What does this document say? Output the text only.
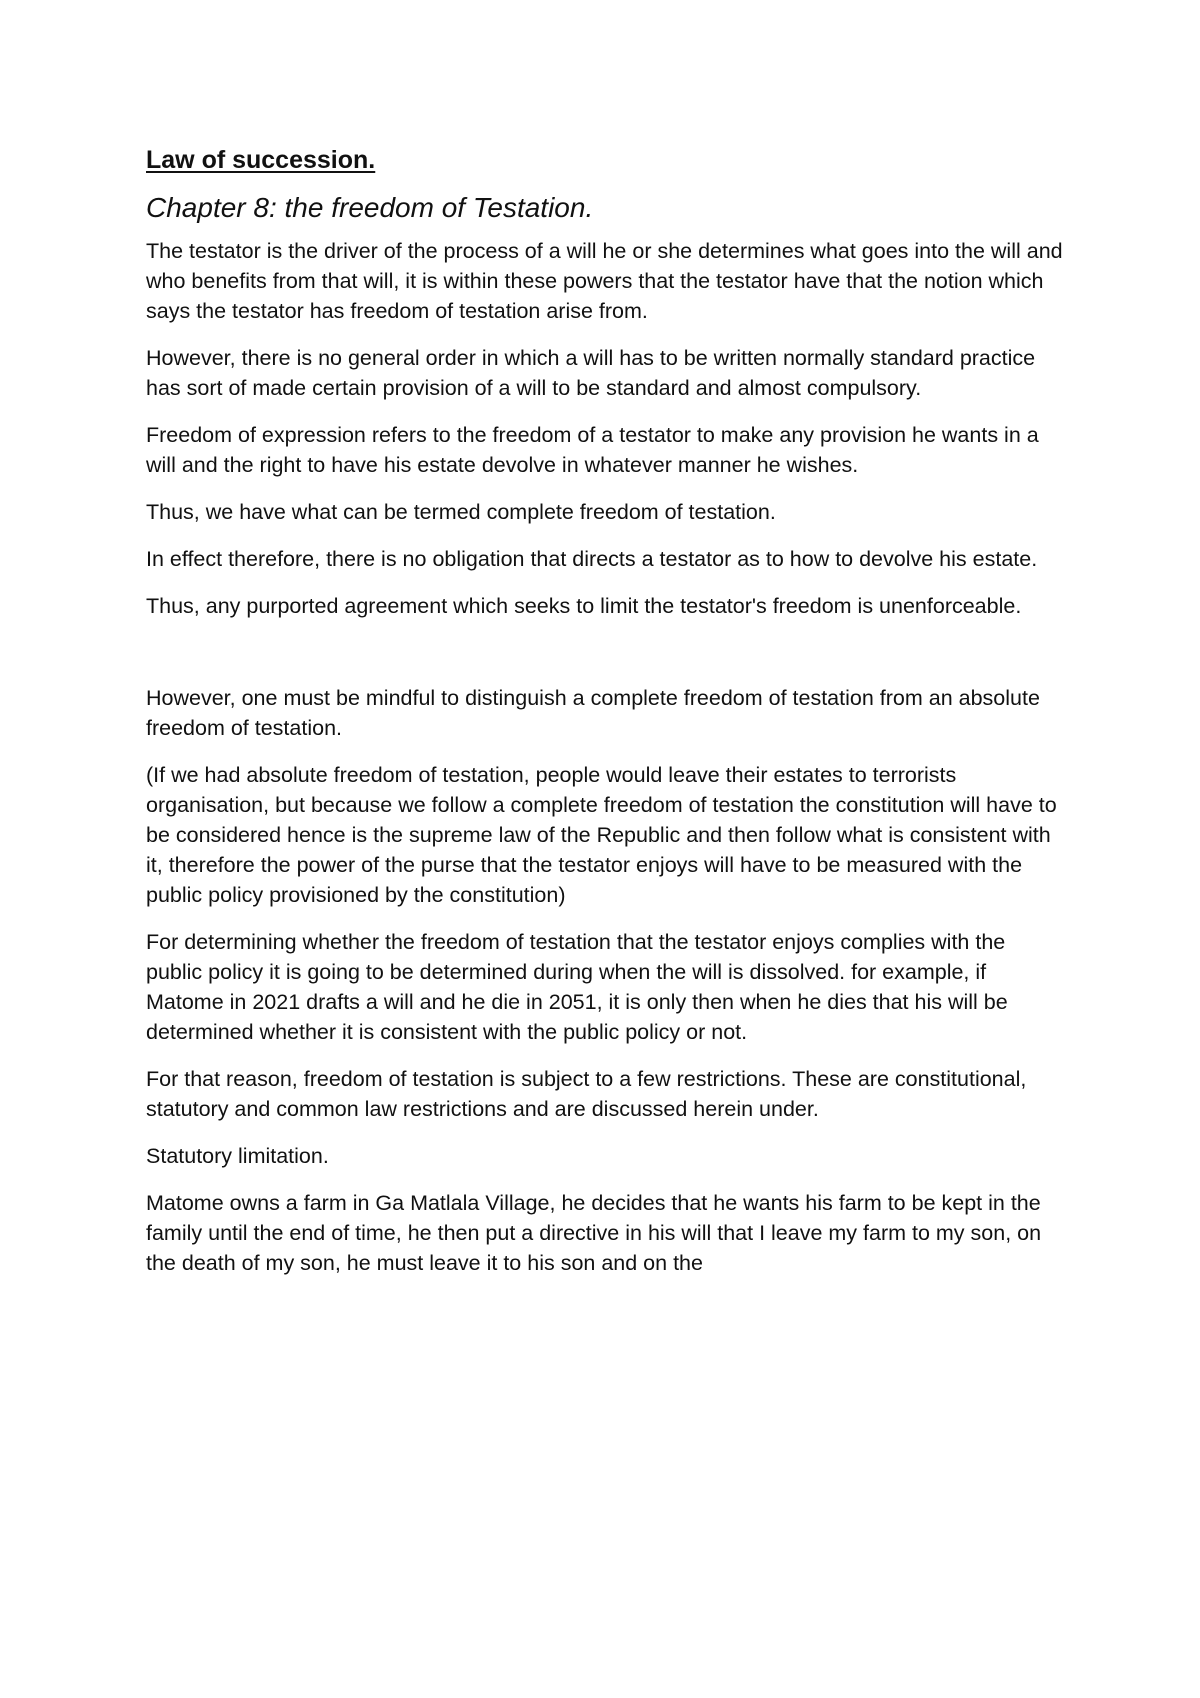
Law of succession.
Chapter 8: the freedom of Testation.

The testator is the driver of the process of a will he or she determines what goes into the will and who benefits from that will, it is within these powers that the testator have that the notion which says the testator has freedom of testation arise from.

However, there is no general order in which a will has to be written normally standard practice has sort of made certain provision of a will to be standard and almost compulsory.

Freedom of expression refers to the freedom of a testator to make any provision he wants in a will and the right to have his estate devolve in whatever manner he wishes.

Thus, we have what can be termed complete freedom of testation.

In effect therefore, there is no obligation that directs a testator as to how to devolve his estate.

Thus, any purported agreement which seeks to limit the testator's freedom is unenforceable.

However, one must be mindful to distinguish a complete freedom of testation from an absolute freedom of testation.

(If we had absolute freedom of testation, people would leave their estates to terrorists organisation, but because we follow a complete freedom of testation the constitution will have to be considered hence is the supreme law of the Republic and then follow what is consistent with it, therefore the power of the purse that the testator enjoys will have to be measured with the public policy provisioned by the constitution)

For determining whether the freedom of testation that the testator enjoys complies with the public policy it is going to be determined during when the will is dissolved. for example, if Matome in 2021 drafts a will and he die in 2051, it is only then when he dies that his will be determined whether it is consistent with the public policy or not.

For that reason, freedom of testation is subject to a few restrictions. These are constitutional, statutory and common law restrictions and are discussed herein under.

Statutory limitation.

Matome owns a farm in Ga Matlala Village, he decides that he wants his farm to be kept in the family until the end of time, he then put a directive in his will that I leave my farm to my son, on the death of my son, he must leave it to his son and on the
